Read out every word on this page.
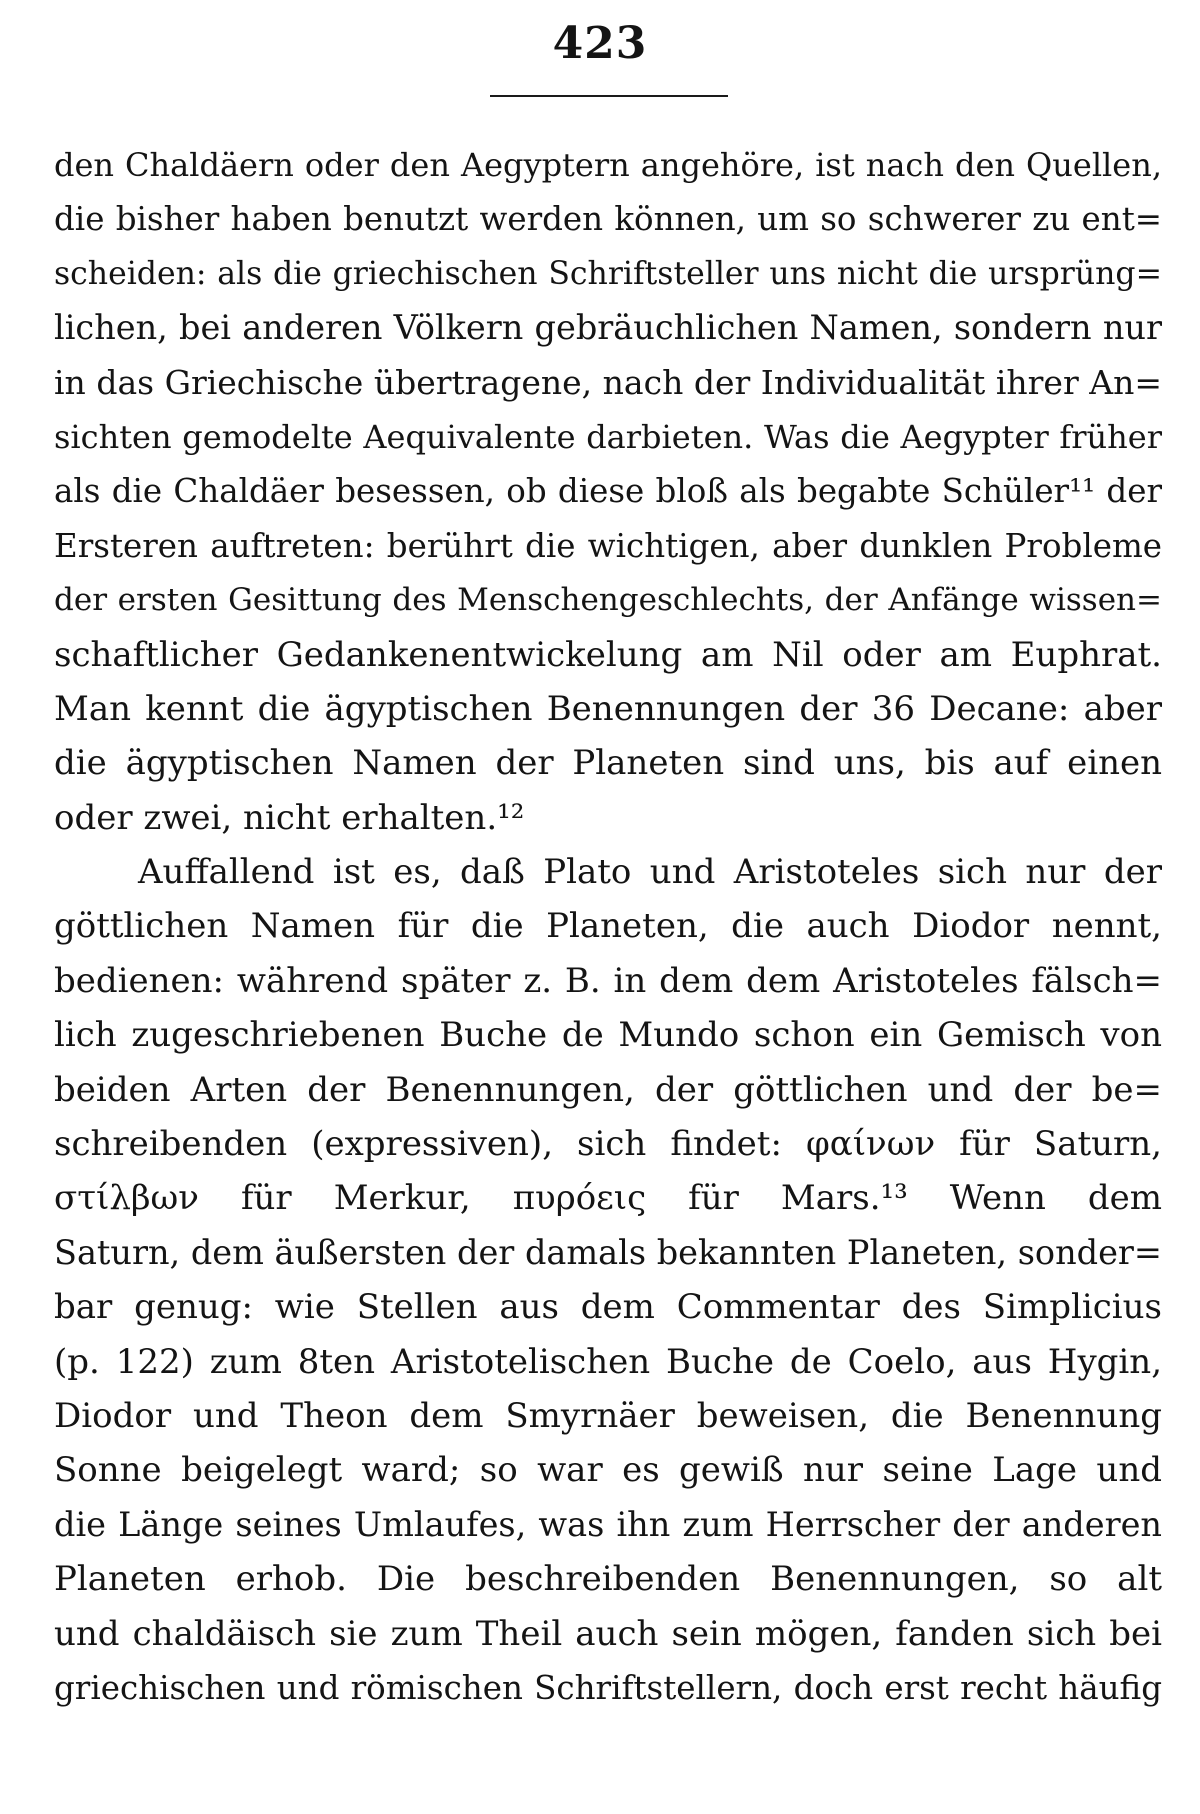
423
den Chaldäern oder den Aegyptern angehöre, ist nach den Quellen,
die bisher haben benutzt werden können, um so schwerer zu ent=
scheiden: als die griechischen Schriftsteller uns nicht die ursprüng=
lichen, bei anderen Völkern gebräuchlichen Namen, sondern nur
in das Griechische übertragene, nach der Individualität ihrer An=
sichten gemodelte Aequivalente darbieten. Was die Aegypter früher
als die Chaldäer besessen, ob diese bloß als begabte Schüler¹¹ der
Ersteren auftreten: berührt die wichtigen, aber dunklen Probleme
der ersten Gesittung des Menschengeschlechts, der Anfänge wissen=
schaftlicher Gedankenentwickelung am Nil oder am Euphrat.
Man kennt die ägyptischen Benennungen der 36 Decane: aber
die ägyptischen Namen der Planeten sind uns, bis auf einen
oder zwei, nicht erhalten.¹²
Auffallend ist es, daß Plato und Aristoteles sich nur der
göttlichen Namen für die Planeten, die auch Diodor nennt,
bedienen: während später z. B. in dem dem Aristoteles fälsch=
lich zugeschriebenen Buche de Mundo schon ein Gemisch von
beiden Arten der Benennungen, der göttlichen und der be=
schreibenden (expressiven), sich findet: φαίνων für Saturn,
στίλβων für Merkur, πυρόεις für Mars.¹³ Wenn dem
Saturn, dem äußersten der damals bekannten Planeten, sonder=
bar genug: wie Stellen aus dem Commentar des Simplicius
(p. 122) zum 8ten Aristotelischen Buche de Coelo, aus Hygin,
Diodor und Theon dem Smyrnäer beweisen, die Benennung
Sonne beigelegt ward; so war es gewiß nur seine Lage und
die Länge seines Umlaufes, was ihn zum Herrscher der anderen
Planeten erhob. Die beschreibenden Benennungen, so alt
und chaldäisch sie zum Theil auch sein mögen, fanden sich bei
griechischen und römischen Schriftstellern, doch erst recht häufig
